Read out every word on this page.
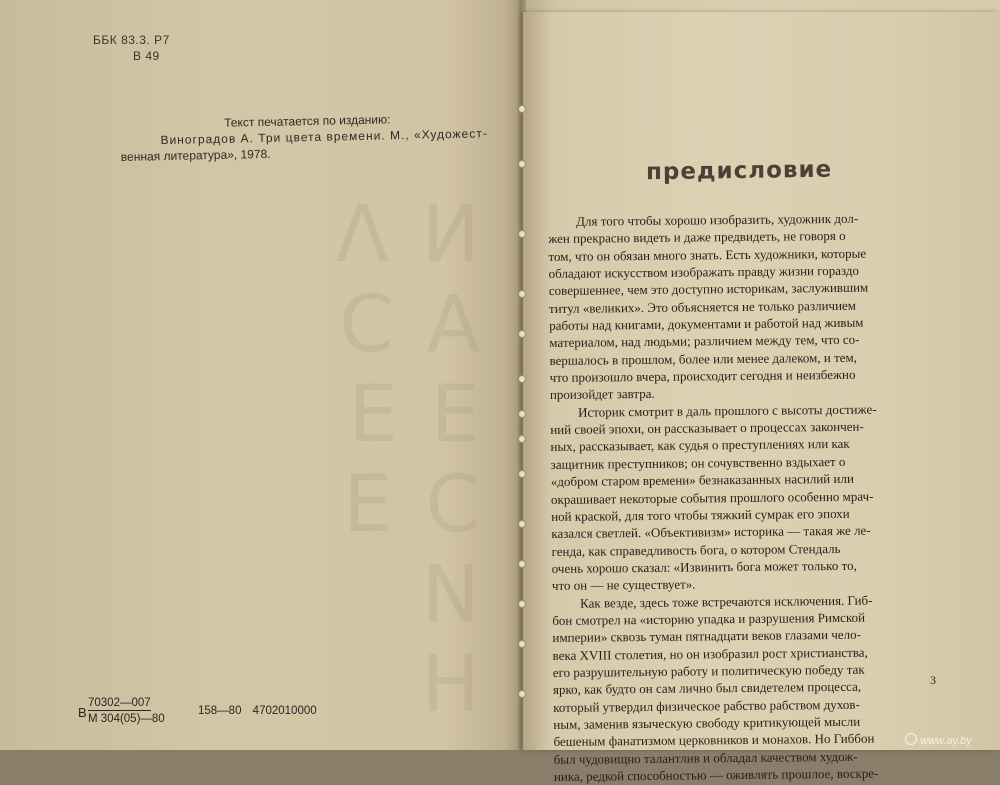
N Ʌ
А Ɔ
Ǝ Ǝ
Ɔ Ǝ
И Н
ББК 83.3. Р7
В 49
Текст печатается по изданию:
Виноградов А. Три цвета времени. М., «Художест-
венная литература», 1978.
В
70302—007
М 304(05)—80
158—80 4702010000
предисловие
Для того чтобы хорошо изобразить, художник дол-
жен прекрасно видеть и даже предвидеть, не говоря о
том, что он обязан много знать. Есть художники, которые
обладают искусством изображать правду жизни гораздо
совершеннее, чем это доступно историкам, заслужившим
титул «великих». Это объясняется не только различием
работы над книгами, документами и работой над живым
материалом, над людьми; различием между тем, что со-
вершалось в прошлом, более или менее далеком, и тем,
что произошло вчера, происходит сегодня и неизбежно
произойдет завтра.
Историк смотрит в даль прошлого с высоты достиже-
ний своей эпохи, он рассказывает о процессах закончен-
ных, рассказывает, как судья о преступлениях или как
защитник преступников; он сочувственно вздыхает о
«добром старом времени» безнаказанных насилий или
окрашивает некоторые события прошлого особенно мрач-
ной краской, для того чтобы тяжкий сумрак его эпохи
казался светлей. «Объективизм» историка — такая же ле-
генда, как справедливость бога, о котором Стендаль
очень хорошо сказал: «Извинить бога может только то,
что он — не существует».
Как везде, здесь тоже встречаются исключения. Гиб-
бон смотрел на «историю упадка и разрушения Римской
империи» сквозь туман пятнадцати веков глазами чело-
века XVIII столетия, но он изобразил рост христианства,
его разрушительную работу и политическую победу так
ярко, как будто он сам лично был свидетелем процесса,
который утвердил физическое рабство рабством духов-
ным, заменив языческую свободу критикующей мысли
бешеным фанатизмом церковников и монахов. Но Гиббон
был чудовищно талантлив и обладал качеством худож-
ника, редкой способностью — оживлять прошлое, воскре-
3
www.ay.by
